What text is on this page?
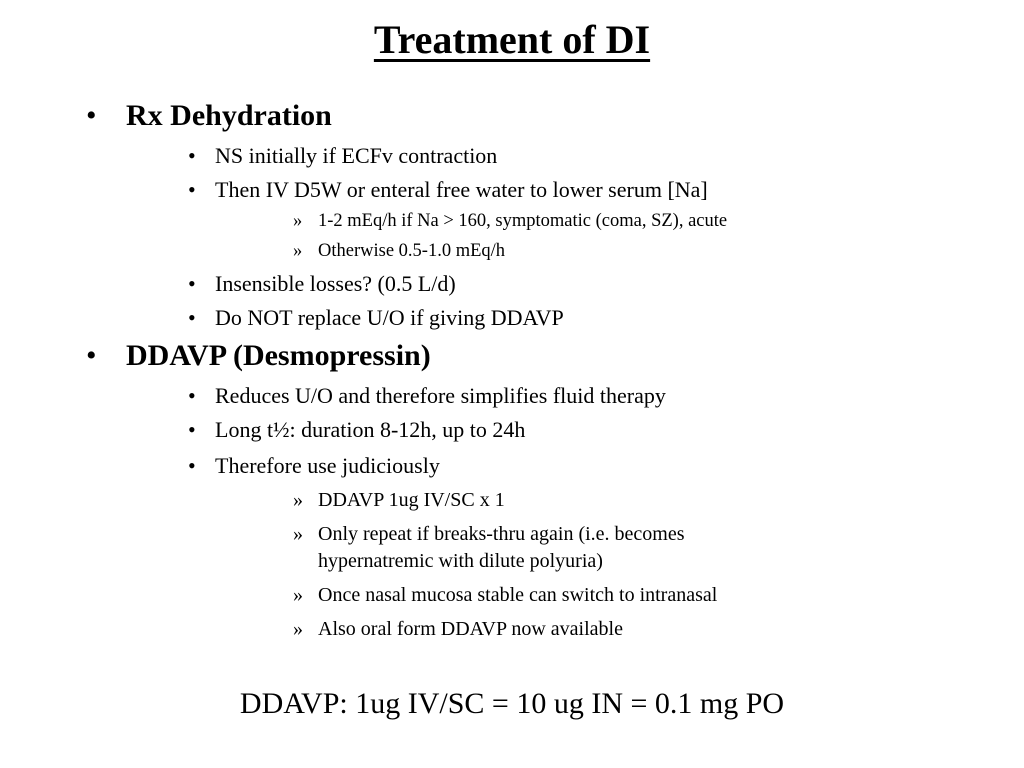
Treatment of DI
• Rx Dehydration
• NS initially if ECFv contraction
• Then IV D5W or enteral free water to lower serum [Na]
» 1-2 mEq/h if Na > 160, symptomatic (coma, SZ), acute
» Otherwise 0.5-1.0 mEq/h
• Insensible losses? (0.5 L/d)
• Do NOT replace U/O if giving DDAVP
• DDAVP (Desmopressin)
• Reduces U/O and therefore simplifies fluid therapy
• Long t½: duration 8-12h, up to 24h
• Therefore use judiciously
» DDAVP 1ug IV/SC x 1
» Only repeat if breaks-thru again (i.e. becomes
hypernatremic with dilute polyuria)
» Once nasal mucosa stable can switch to intranasal
» Also oral form DDAVP now available
DDAVP: 1ug IV/SC = 10 ug IN = 0.1 mg PO
